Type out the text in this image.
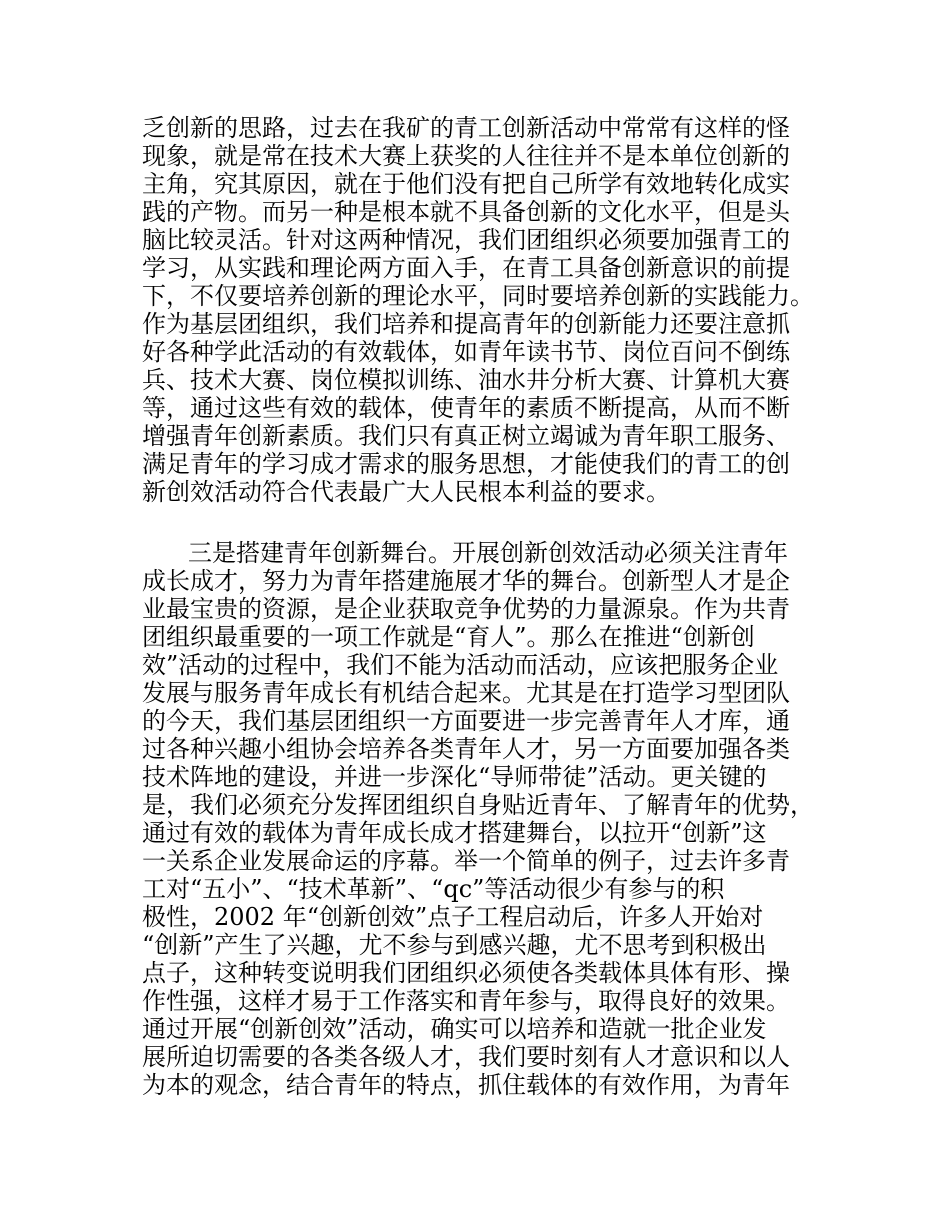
乏创新的思路，过去在我矿的青工创新活动中常常有这样的怪
现象，就是常在技术大赛上获奖的人往往并不是本单位创新的
主角，究其原因，就在于他们没有把自己所学有效地转化成实
践的产物。而另一种是根本就不具备创新的文化水平，但是头
脑比较灵活。针对这两种情况，我们团组织必须要加强青工的
学习，从实践和理论两方面入手，在青工具备创新意识的前提
下，不仅要培养创新的理论水平，同时要培养创新的实践能力。
作为基层团组织，我们培养和提高青年的创新能力还要注意抓
好各种学此活动的有效载体，如青年读书节、岗位百问不倒练
兵、技术大赛、岗位模拟训练、油水井分析大赛、计算机大赛
等，通过这些有效的载体，使青年的素质不断提高，从而不断
增强青年创新素质。我们只有真正树立竭诚为青年职工服务、
满足青年的学习成才需求的服务思想，才能使我们的青工的创
新创效活动符合代表最广大人民根本利益的要求。
三是搭建青年创新舞台。开展创新创效活动必须关注青年
成长成才，努力为青年搭建施展才华的舞台。创新型人才是企
业最宝贵的资源，是企业获取竞争优势的力量源泉。作为共青
团组织最重要的一项工作就是“育人”。那么在推进“创新创
效”活动的过程中，我们不能为活动而活动，应该把服务企业
发展与服务青年成长有机结合起来。尤其是在打造学习型团队
的今天，我们基层团组织一方面要进一步完善青年人才库，通
过各种兴趣小组协会培养各类青年人才，另一方面要加强各类
技术阵地的建设，并进一步深化“导师带徒”活动。更关键的
是，我们必须充分发挥团组织自身贴近青年、了解青年的优势，
通过有效的载体为青年成长成才搭建舞台，以拉开“创新”这
一关系企业发展命运的序幕。举一个简单的例子，过去许多青
工对“五小”、“技术革新”、“qc”等活动很少有参与的积
极性，2002 年“创新创效”点子工程启动后，许多人开始对
“创新”产生了兴趣，尤不参与到感兴趣，尤不思考到积极出
点子，这种转变说明我们团组织必须使各类载体具体有形、操
作性强，这样才易于工作落实和青年参与，取得良好的效果。
通过开展“创新创效”活动，确实可以培养和造就一批企业发
展所迫切需要的各类各级人才，我们要时刻有人才意识和以人
为本的观念，结合青年的特点，抓住载体的有效作用，为青年
